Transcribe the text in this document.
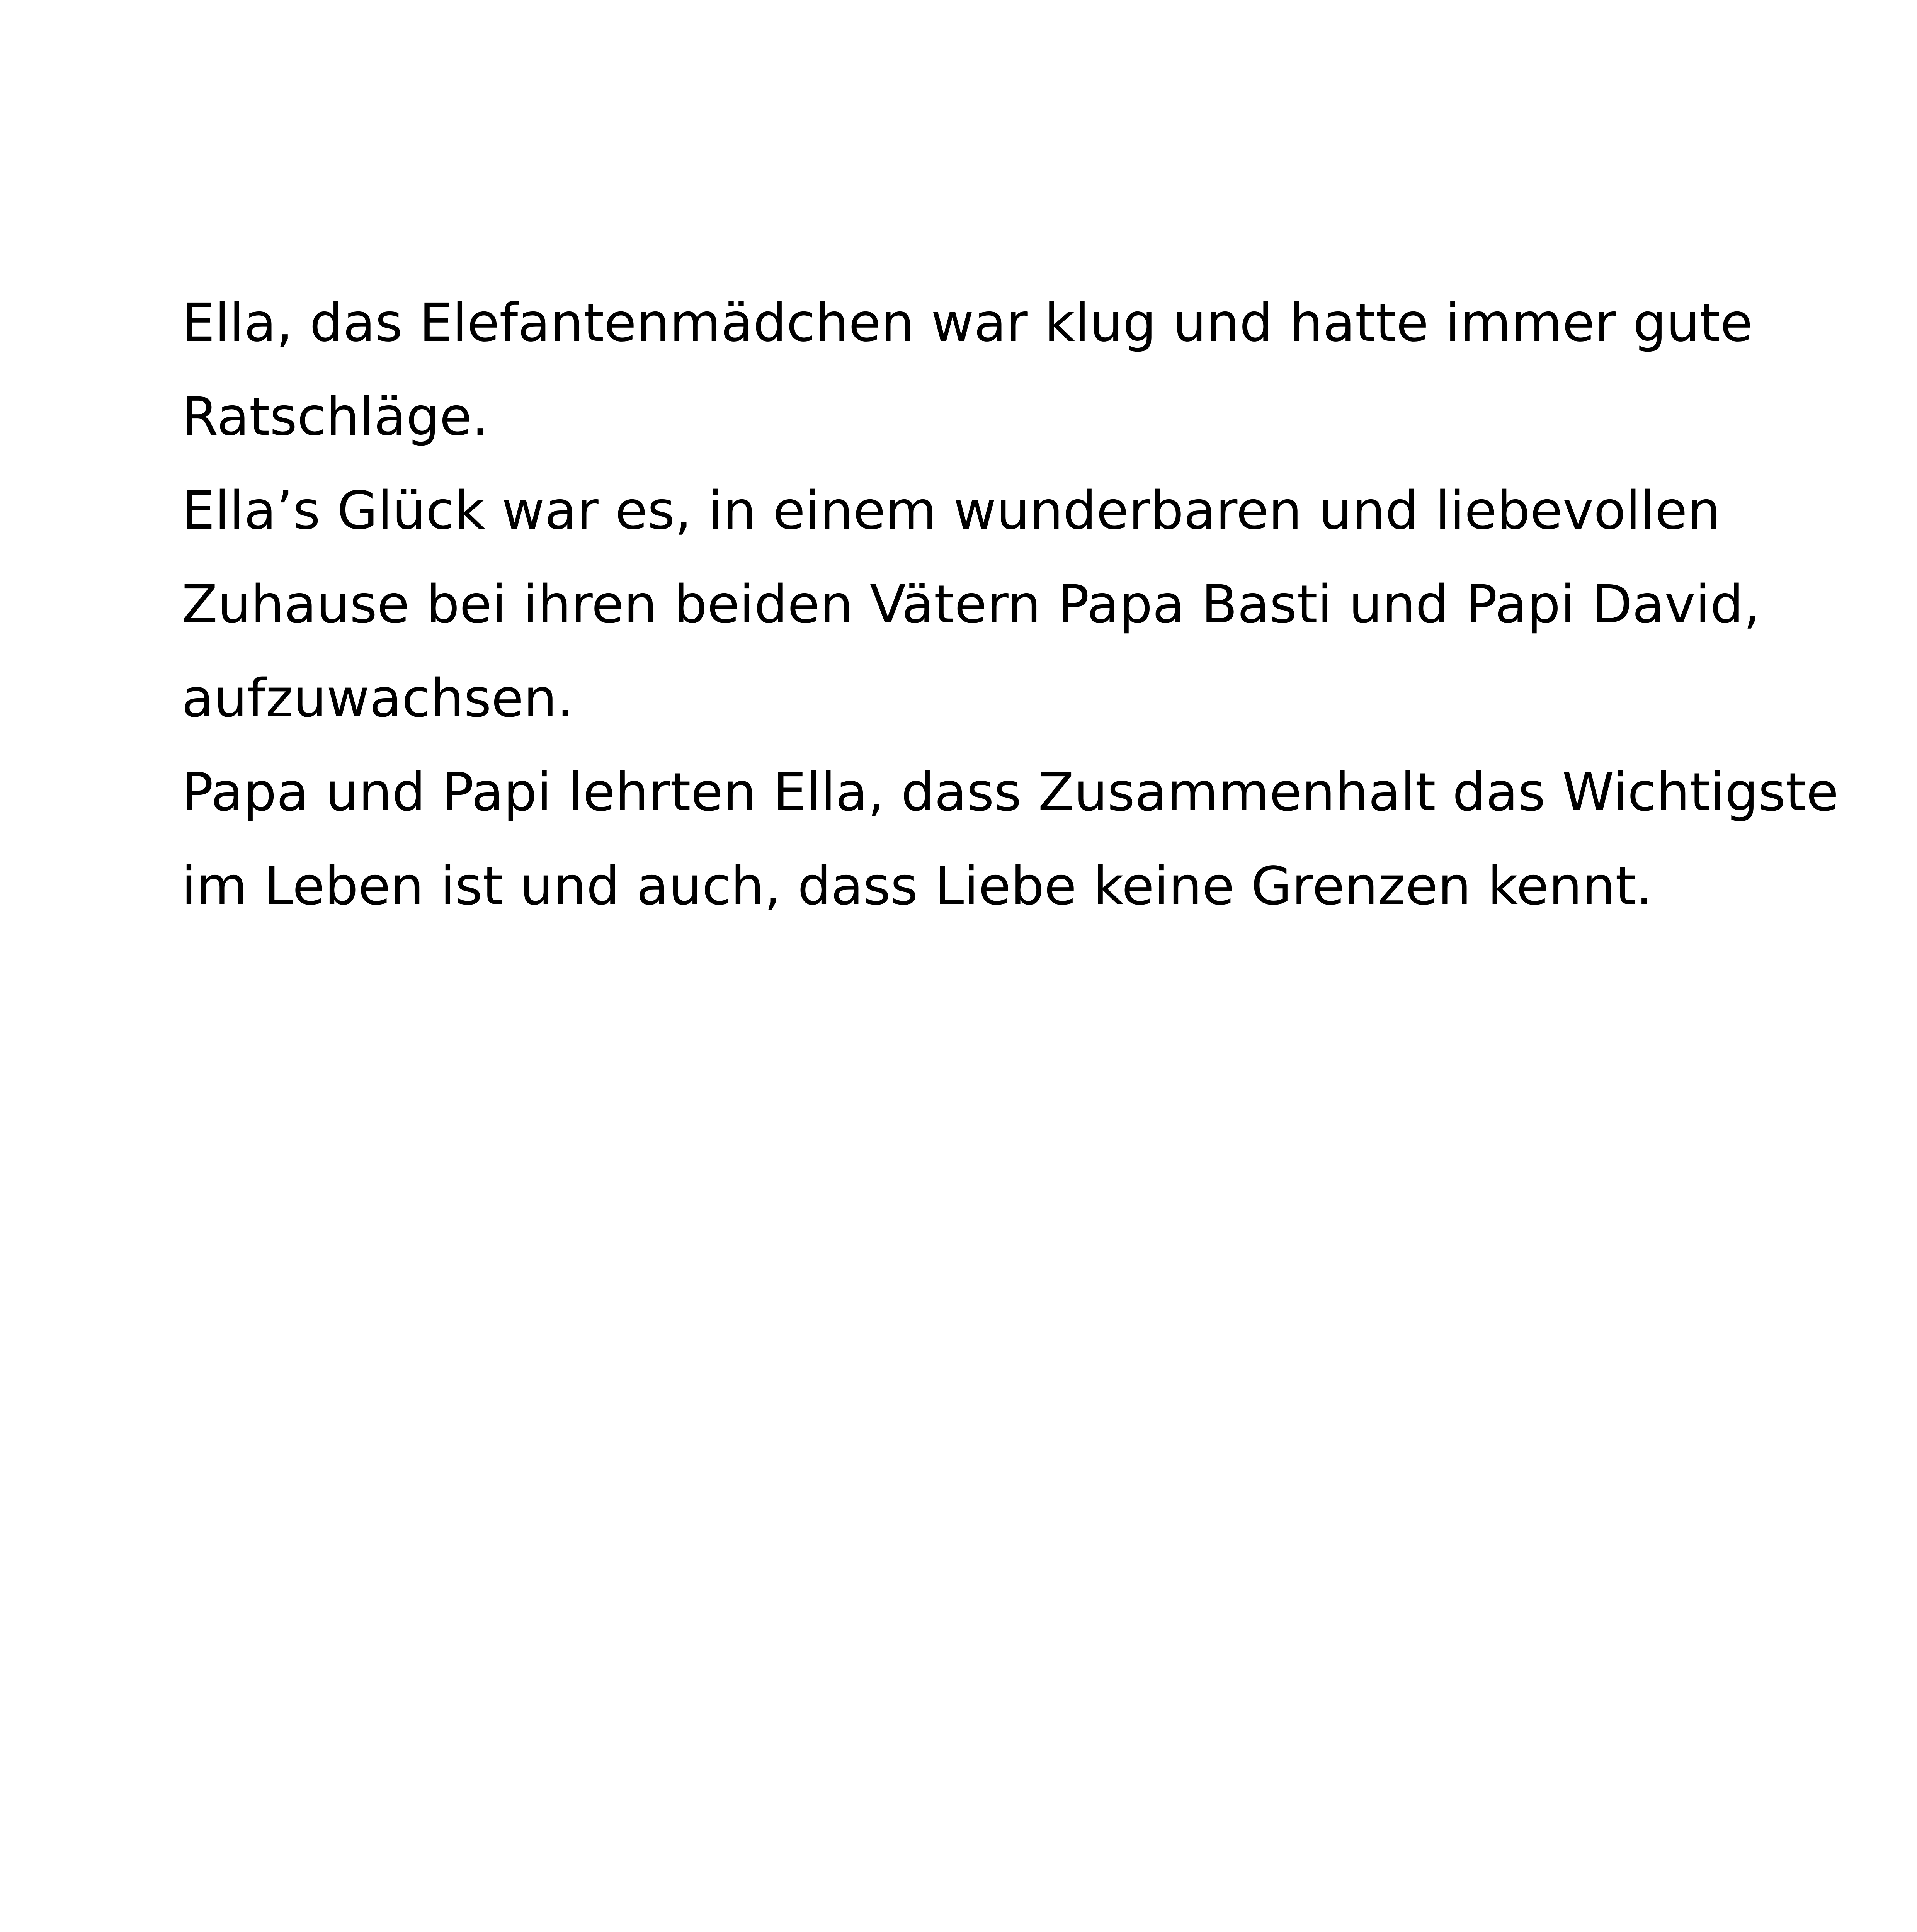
Ella, das Elefantenmädchen war klug und hatte immer gute
Ratschläge.
Ella’s Glück war es, in einem wunderbaren und liebevollen
Zuhause bei ihren beiden Vätern Papa Basti und Papi David,
aufzuwachsen.
Papa und Papi lehrten Ella, dass Zusammenhalt das Wichtigste
im Leben ist und auch, dass Liebe keine Grenzen kennt.
